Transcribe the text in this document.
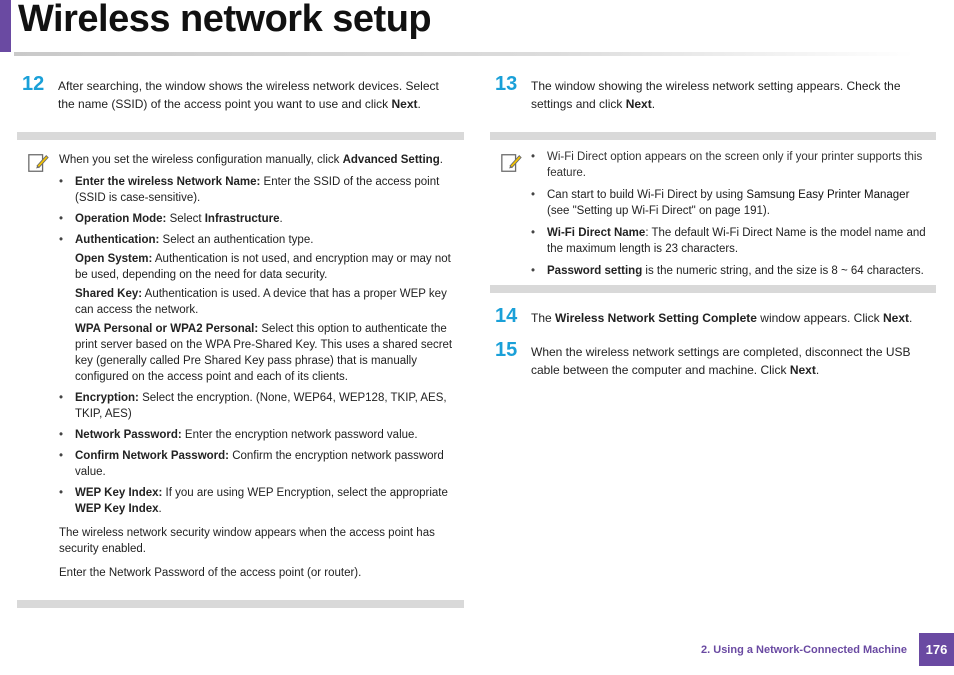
Wireless network setup
12	After searching, the window shows the wireless network devices. Select the name (SSID) of the access point you want to use and click Next.

When you set the wireless configuration manually, click Advanced Setting.

• Enter the wireless Network Name: Enter the SSID of the access point (SSID is case-sensitive).
• Operation Mode: Select Infrastructure.
• Authentication: Select an authentication type.
Open System: Authentication is not used, and encryption may or may not be used, depending on the need for data security.
Shared Key: Authentication is used. A device that has a proper WEP key can access the network.
WPA Personal or WPA2 Personal: Select this option to authenticate the print server based on the WPA Pre-Shared Key. This uses a shared secret key (generally called Pre Shared Key pass phrase) that is manually configured on the access point and each of its clients.
• Encryption: Select the encryption. (None, WEP64, WEP128, TKIP, AES, TKIP, AES)
• Network Password: Enter the encryption network password value.
• Confirm Network Password: Confirm the encryption network password value.
• WEP Key Index: If you are using WEP Encryption, select the appropriate WEP Key Index.

The wireless network security window appears when the access point has security enabled.

Enter the Network Password of the access point (or router).

13	The window showing the wireless network setting appears. Check the settings and click Next.
• Wi-Fi Direct option appears on the screen only if your printer supports this feature.
• Can start to build Wi-Fi Direct by using Samsung Easy Printer Manager (see "Setting up Wi-Fi Direct" on page 191).
• Wi-Fi Direct Name: The default Wi-Fi Direct Name is the model name and the maximum length is 23 characters.
• Password setting is the numeric string, and the size is 8 ~ 64 characters.
14	The Wireless Network Setting Complete window appears. Click Next.
15	When the wireless network settings are completed, disconnect the USB cable between the computer and machine. Click Next.
2. Using a Network-Connected Machine	176
